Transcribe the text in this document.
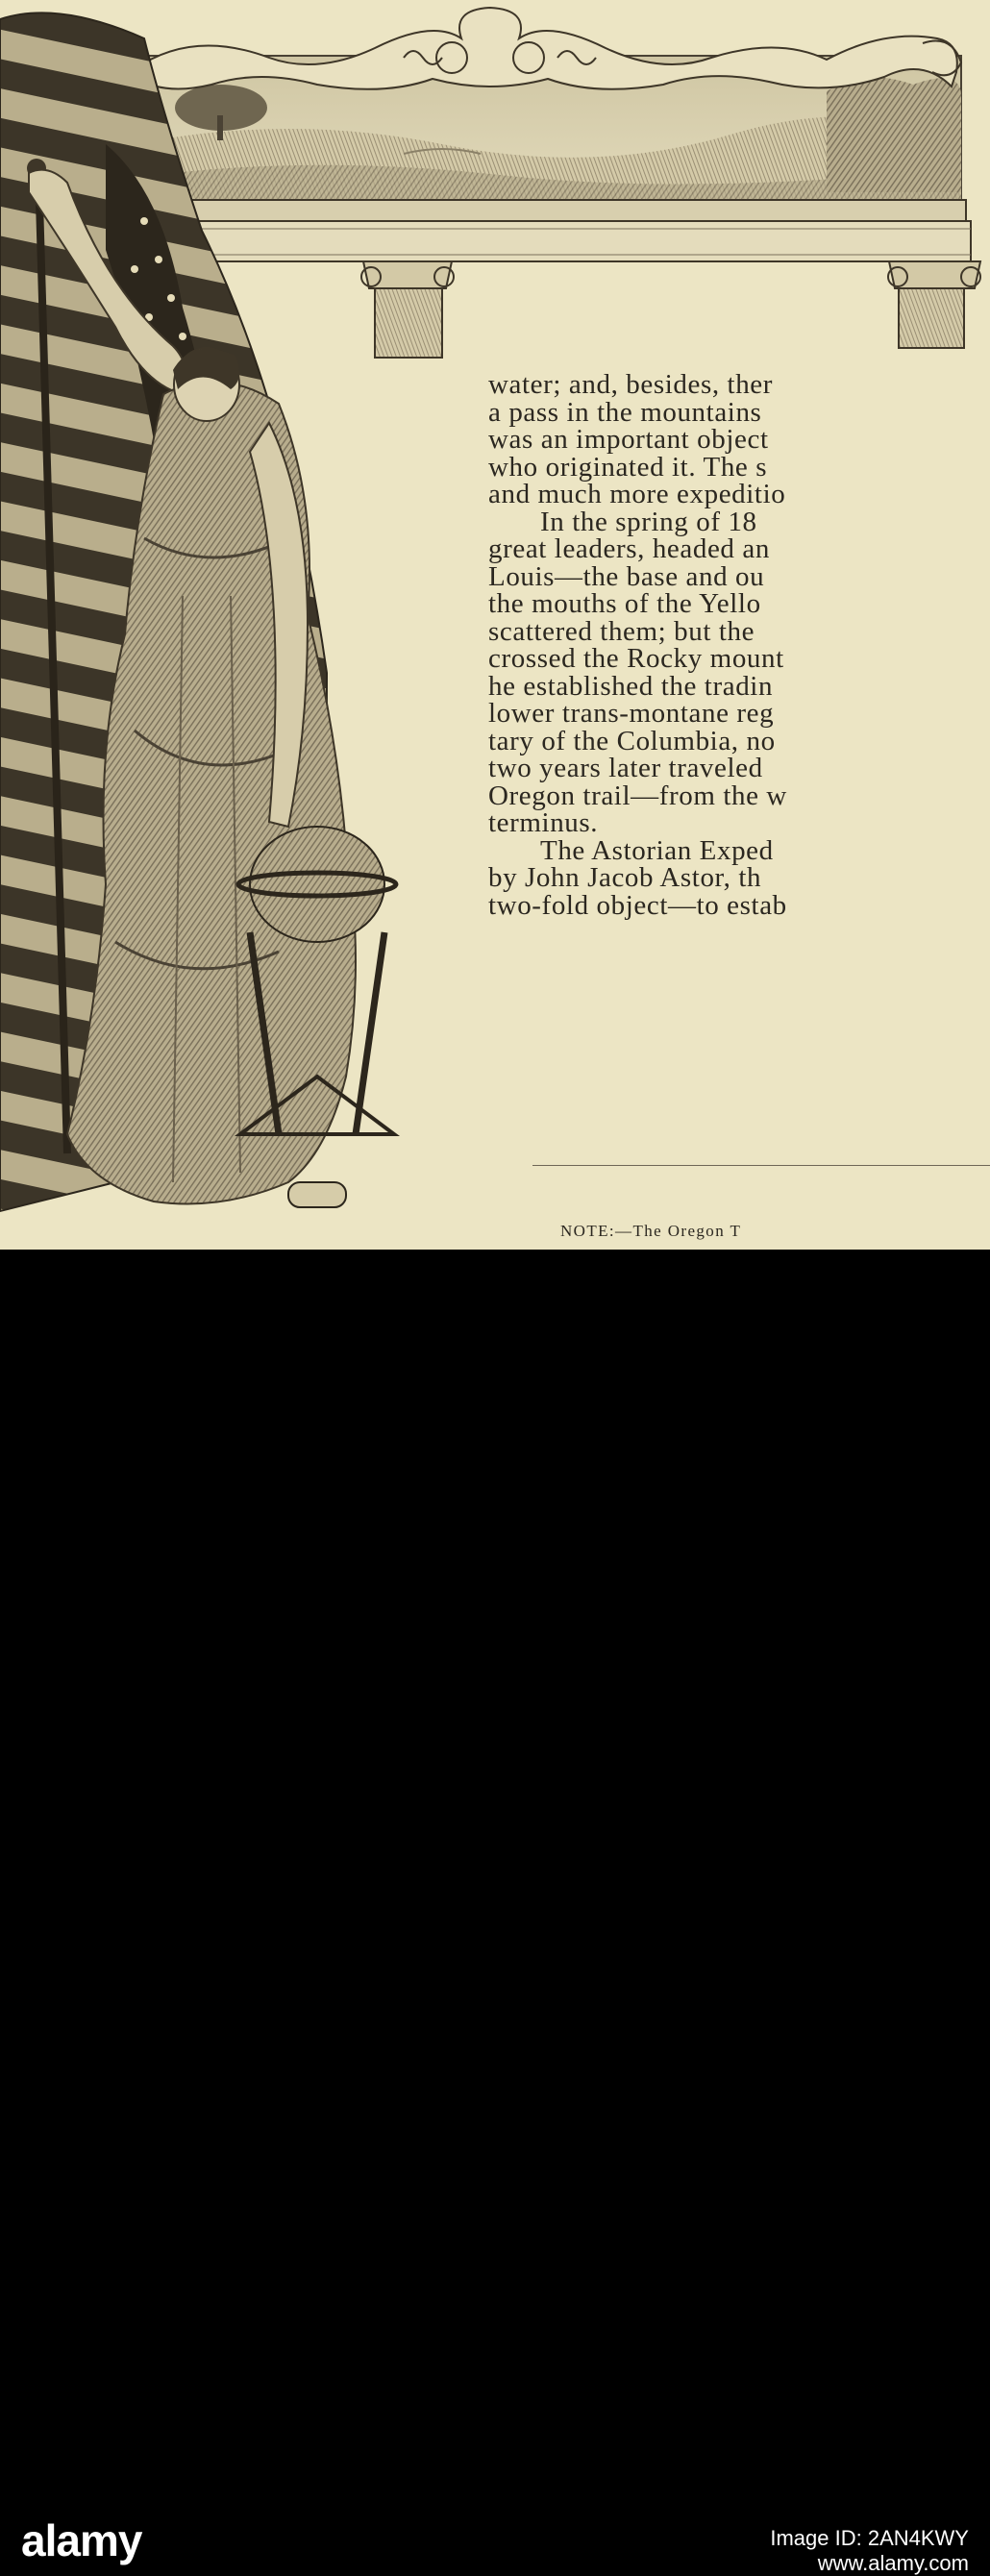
water; and, besides, ther
a pass in the mountains
was an important object
who originated it. The s
and much more expeditio
In the spring of 18
great leaders, headed an
Louis—the base and ou
the mouths of the Yello
scattered them; but the
crossed the Rocky mount
he established the tradin
lower trans-montane reg
tary of the Columbia, no
two years later traveled
Oregon trail—from the w
terminus.
The Astorian Exped
by John Jacob Astor, th
two-fold object—to estab
NOTE:—The Oregon T
alamy	Image ID: 2AN4KWY
www.alamy.com
